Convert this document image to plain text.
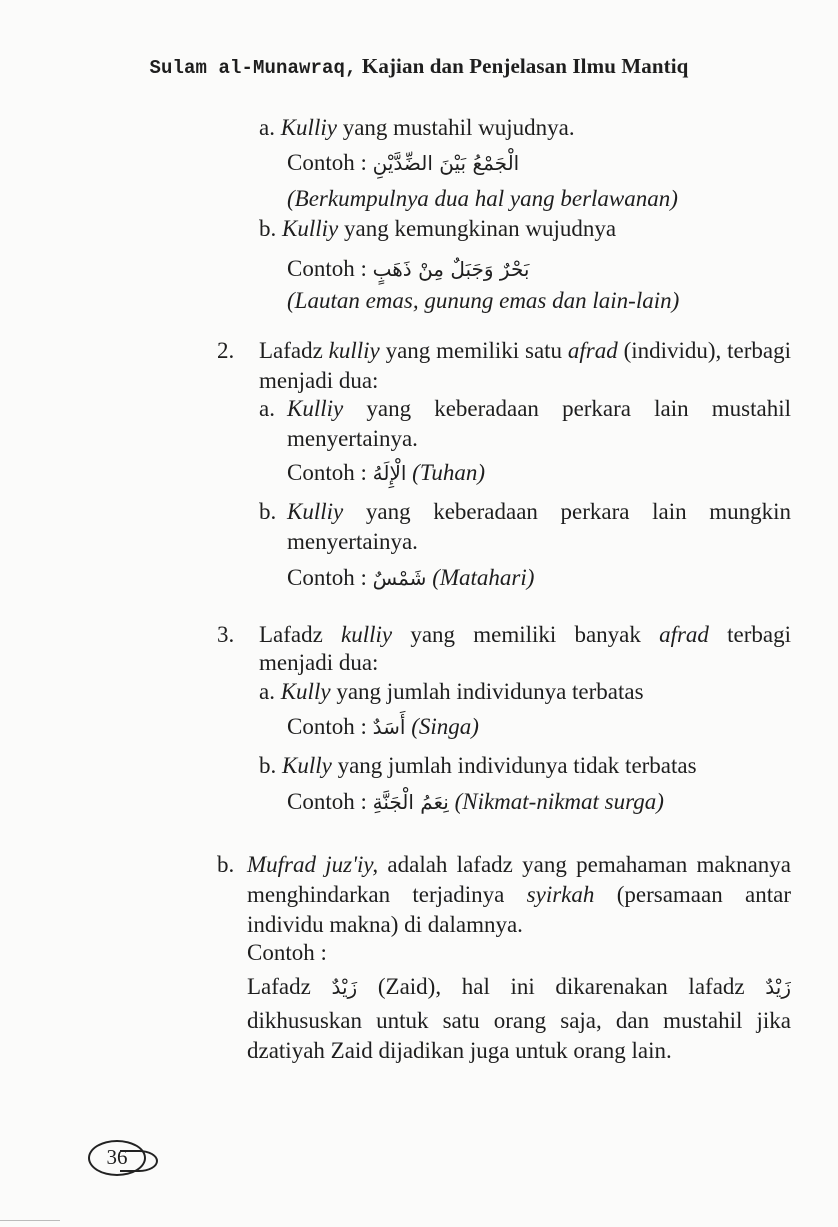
Sulam al-Munawraq, Kajian dan Penjelasan Ilmu Mantiq
a. Kulliy yang mustahil wujudnya.
Contoh : الْجَمْعُ بَيْنَ الضِّدَّيْنِ
(Berkumpulnya dua hal yang berlawanan)
b. Kulliy yang kemungkinan wujudnya
Contoh : بَحْرٌ وَجَبَلٌ مِنْ ذَهَبٍ
(Lautan emas, gunung emas dan lain-lain)
2. Lafadz kulliy yang memiliki satu afrad (individu), terbagi
menjadi dua:
a. Kulliy yang keberadaan perkara lain mustahil
menyertainya.
Contoh : الْإِلَهُ (Tuhan)
b. Kulliy yang keberadaan perkara lain mungkin
menyertainya.
Contoh : شَمْسٌ (Matahari)
3. Lafadz kulliy yang memiliki banyak afrad terbagi
menjadi dua:
a. Kully yang jumlah individunya terbatas
Contoh : أَسَدٌ (Singa)
b. Kully yang jumlah individunya tidak terbatas
Contoh : نِعَمُ الْجَنَّةِ (Nikmat-nikmat surga)
b. Mufrad juz'iy, adalah lafadz yang pemahaman maknanya
menghindarkan terjadinya syirkah (persamaan antar
individu makna) di dalamnya.
Contoh :
Lafadz زَيْدٌ (Zaid), hal ini dikarenakan lafadz زَيْدٌ
dikhususkan untuk satu orang saja, dan mustahil jika
dzatiyah Zaid dijadikan juga untuk orang lain.
36
